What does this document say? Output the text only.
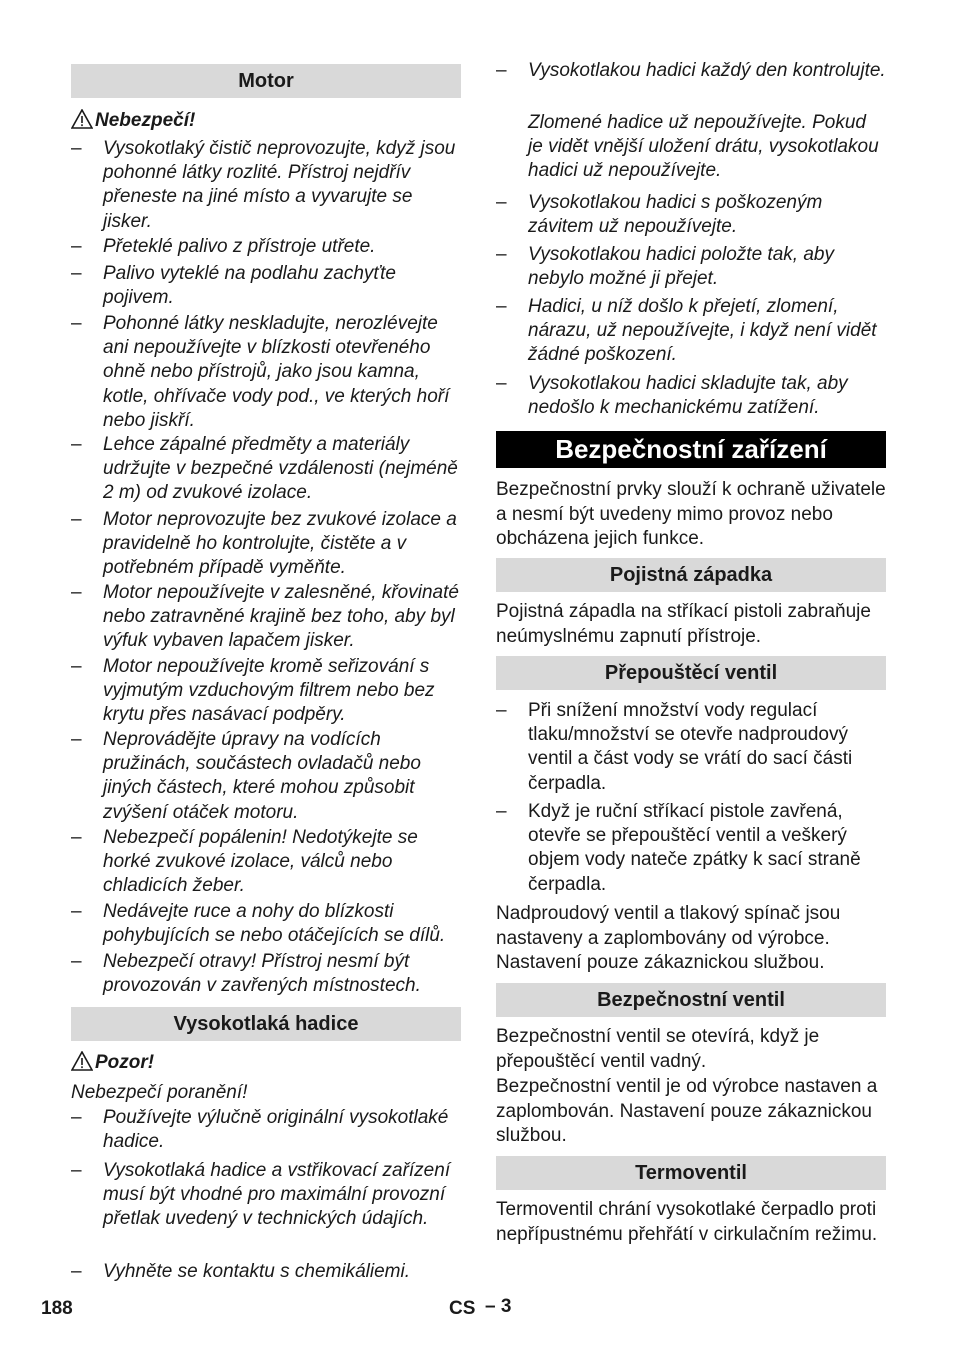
Motor
Nebezpečí!
– Vysokotlaký čistič neprovozujte, když jsou pohonné látky rozlité. Přístroj nejdřív přeneste na jiné místo a vyvarujte se jisker.
– Přeteklé palivo z přístroje utřete.
– Palivo vyteklé na podlahu zachyťte pojivem.
– Pohonné látky neskladujte, nerozlévejte ani nepoužívejte v blízkosti otevřeného ohně nebo přístrojů, jako jsou kamna, kotle, ohřívače vody pod., ve kterých hoří nebo jiskří.
– Lehce zápalné předměty a materiály udržujte v bezpečné vzdálenosti (nejméně 2 m) od zvukové izolace.
– Motor neprovozujte bez zvukové izolace a pravidelně ho kontrolujte, čistěte a v potřebném případě vyměňte.
– Motor nepoužívejte v zalesněné, křovinaté nebo zatravněné krajině bez toho, aby byl výfuk vybaven lapačem jisker.
– Motor nepoužívejte kromě seřizování s vyjmutým vzduchovým filtrem nebo bez krytu přes nasávací podpěry.
– Neprovádějte úpravy na vodících pružinách, součástech ovladačů nebo jiných částech, které mohou způsobit zvýšení otáček motoru.
– Nebezpečí popálenin! Nedotýkejte se horké zvukové izolace, válců nebo chladicích žeber.
– Nedávejte ruce a nohy do blízkosti pohybujících se nebo otáčejících se dílů.
– Nebezpečí otravy! Přístroj nesmí být provozován v zavřených místnostech.
Vysokotlaká hadice
Pozor!
Nebezpečí poranění!
– Používejte výlučně originální vysokotlaké hadice.
– Vysokotlaká hadice a vstřikovací zařízení musí být vhodné pro maximální provozní přetlak uvedený v technických údajích.
– Vyhněte se kontaktu s chemikáliemi.
– Vysokotlakou hadici každý den kontrolujte.
Zlomené hadice už nepoužívejte. Pokud je vidět vnější uložení drátu, vysokotlakou hadici už nepoužívejte.
– Vysokotlakou hadici s poškozeným závitem už nepoužívejte.
– Vysokotlakou hadici položte tak, aby nebylo možné ji přejet.
– Hadici, u níž došlo k přejetí, zlomení, nárazu, už nepoužívejte, i když není vidět žádné poškození.
– Vysokotlakou hadici skladujte tak, aby nedošlo k mechanickému zatížení.
Bezpečnostní zařízení
Bezpečnostní prvky slouží k ochraně uživatele a nesmí být uvedeny mimo provoz nebo obcházena jejich funkce.
Pojistná západka
Pojistná západla na stříkací pistoli zabraňuje neúmyslnému zapnutí přístroje.
Přepouštěcí ventil
– Při snížení množství vody regulací tlaku/množství se otevře nadproudový ventil a část vody se vrátí do sací části čerpadla.
– Když je ruční stříkací pistole zavřená, otevře se přepouštěcí ventil a veškerý objem vody nateče zpátky k sací straně čerpadla.
Nadproudový ventil a tlakový spínač jsou nastaveny a zaplombovány od výrobce. Nastavení pouze zákaznickou službou.
Bezpečnostní ventil
Bezpečnostní ventil se otevírá, když je přepouštěcí ventil vadný.
Bezpečnostní ventil je od výrobce nastaven a zaplombován. Nastavení pouze zákaznickou službou.
Termoventil
Termoventil chrání vysokotlaké čerpadlo proti nepřípustnému přehřátí v cirkulačním režimu.
188	CS – 3
